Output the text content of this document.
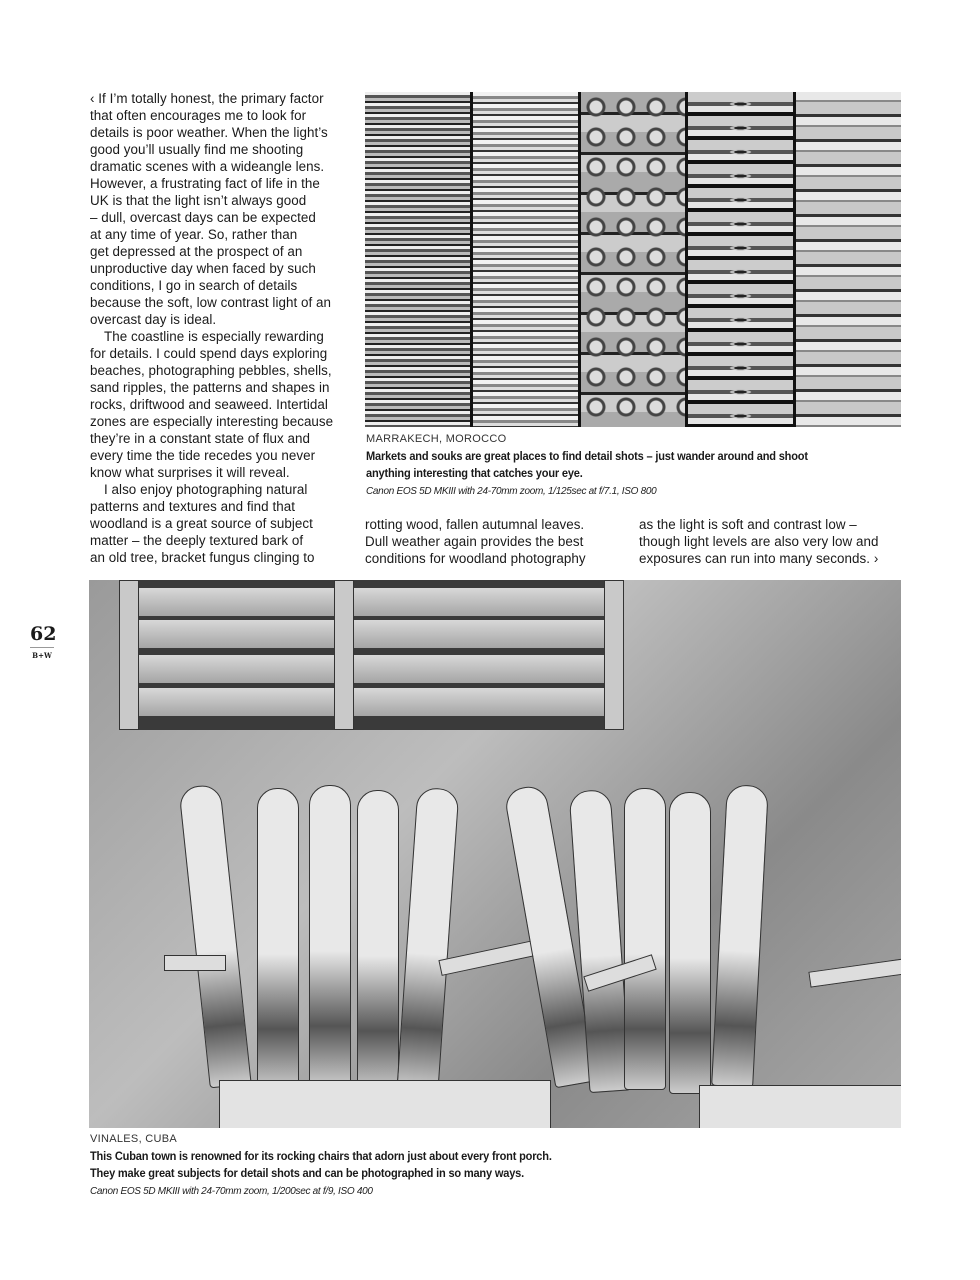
‹ If I’m totally honest, the primary factor
that often encourages me to look for
details is poor weather. When the light’s
good you’ll usually find me shooting
dramatic scenes with a wideangle lens.
However, a frustrating fact of life in the
UK is that the light isn’t always good
– dull, overcast days can be expected
at any time of year. So, rather than
get depressed at the prospect of an
unproductive day when faced by such
conditions, I go in search of details
because the soft, low contrast light of an
overcast day is ideal.
The coastline is especially rewarding
for details. I could spend days exploring
beaches, photographing pebbles, shells,
sand ripples, the patterns and shapes in
rocks, driftwood and seaweed. Intertidal
zones are especially interesting because
they’re in a constant state of flux and
every time the tide recedes you never
know what surprises it will reveal.
I also enjoy photographing natural
patterns and textures and find that
woodland is a great source of subject
matter – the deeply textured bark of
an old tree, bracket fungus clinging to
rotting wood, fallen autumnal leaves.
Dull weather again provides the best
conditions for woodland photography
as the light is soft and contrast low –
though light levels are also very low and
exposures can run into many seconds. ›
MARRAKECH, MOROCCO
Markets and souks are great places to find detail shots – just wander around and shoot
anything interesting that catches your eye.
Canon EOS 5D MKIII with 24-70mm zoom, 1/125sec at f/7.1, ISO 800
62
B+W
VINALES, CUBA
This Cuban town is renowned for its rocking chairs that adorn just about every front porch.
They make great subjects for detail shots and can be photographed in so many ways.
Canon EOS 5D MKIII with 24-70mm zoom, 1/200sec at f/9, ISO 400
